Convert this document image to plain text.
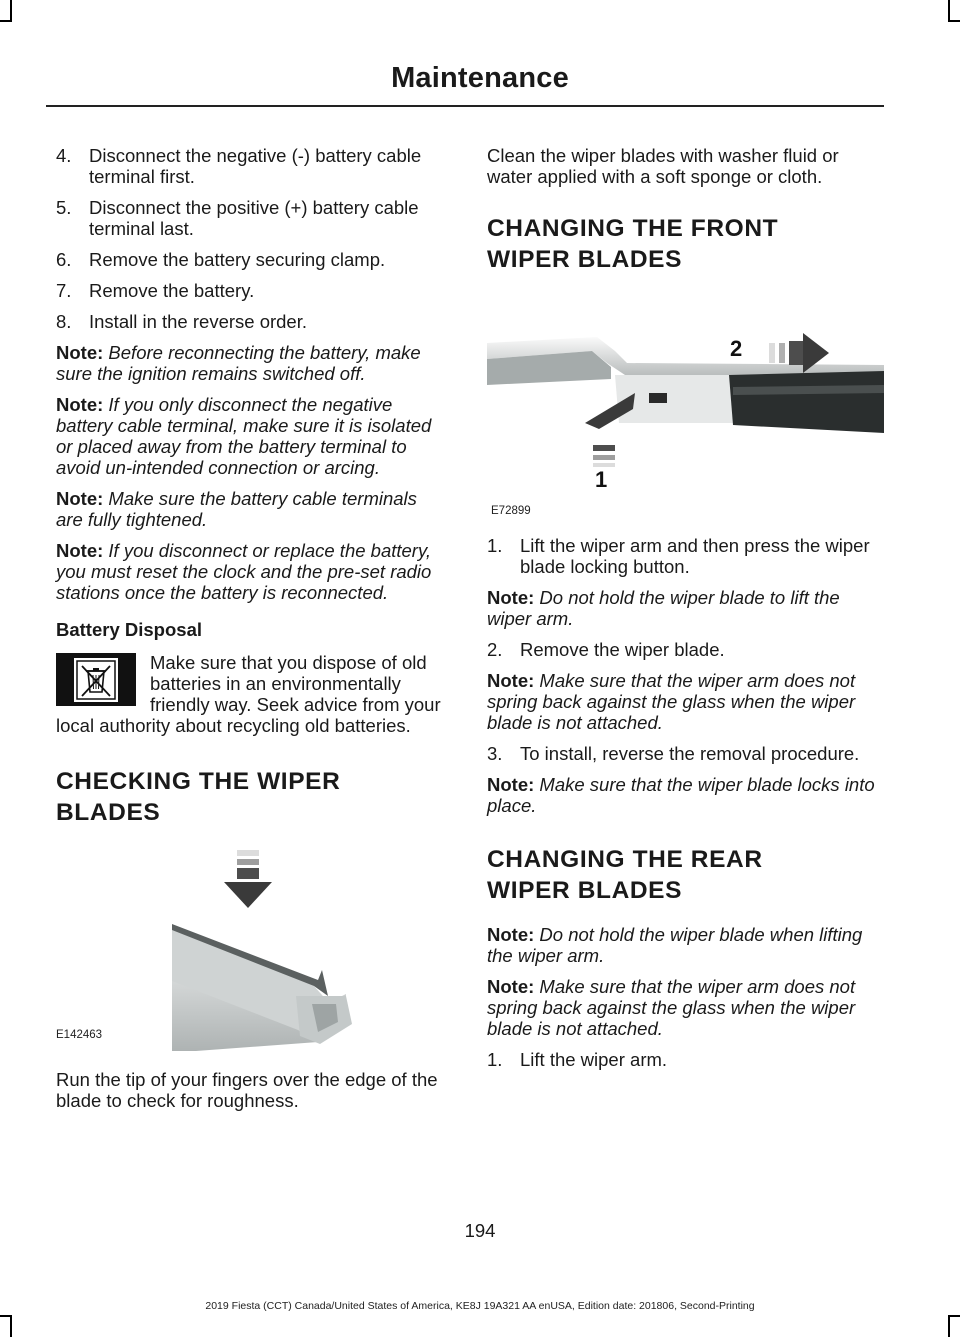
Maintenance
4. Disconnect the negative (-) battery cable terminal first.
5. Disconnect the positive (+) battery cable terminal last.
6. Remove the battery securing clamp.
7. Remove the battery.
8. Install in the reverse order.
Note: Before reconnecting the battery, make sure the ignition remains switched off.
Note: If you only disconnect the negative battery cable terminal, make sure it is isolated or placed away from the battery terminal to avoid un-intended connection or arcing.
Note: Make sure the battery cable terminals are fully tightened.
Note: If you disconnect or replace the battery, you must reset the clock and the pre-set radio stations once the battery is reconnected.
Battery Disposal

Make sure that you dispose of old batteries in an environmentally friendly way. Seek advice from your local authority about recycling old batteries.

CHECKING THE WIPER BLADES
E142463

Run the tip of your fingers over the edge of the blade to check for roughness.

Clean the wiper blades with washer fluid or water applied with a soft sponge or cloth.

CHANGING THE FRONT WIPER BLADES
2
1
E72899
1. Lift the wiper arm and then press the wiper blade locking button.
Note: Do not hold the wiper blade to lift the wiper arm.
2. Remove the wiper blade.
Note: Make sure that the wiper arm does not spring back against the glass when the wiper blade is not attached.
3. To install, reverse the removal procedure.
Note: Make sure that the wiper blade locks into place.
CHANGING THE REAR WIPER BLADES
Note: Do not hold the wiper blade when lifting the wiper arm.
Note: Make sure that the wiper arm does not spring back against the glass when the wiper blade is not attached.
1. Lift the wiper arm.
194
2019 Fiesta (CCT) Canada/United States of America, KE8J 19A321 AA enUSA, Edition date: 201806, Second-Printing
